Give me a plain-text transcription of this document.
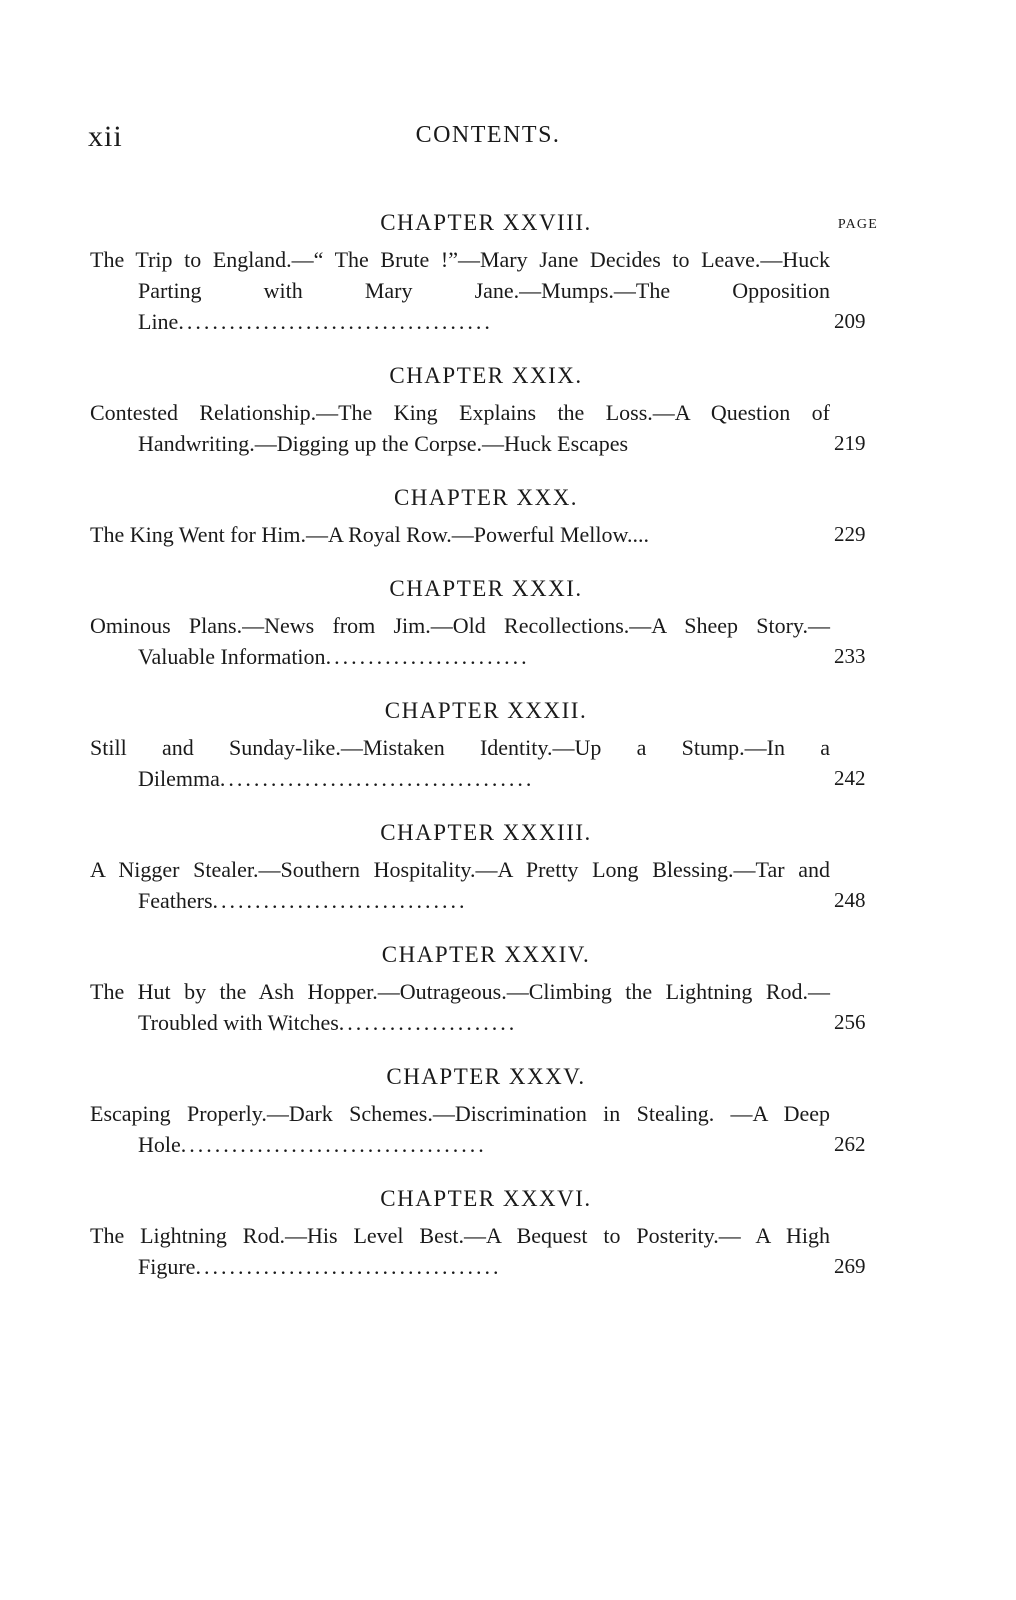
xii	CONTENTS.
CHAPTER XXVIII.	PAGE
The Trip to England.—“ The Brute !”—Mary Jane Decides to Leave.—Huck Parting with Mary Jane.—Mumps.—The Opposition Line.....................................	209
CHAPTER XXIX.
Contested Relationship.—The King Explains the Loss.—A Question of Handwriting.—Digging up the Corpse.—Huck Escapes	219
CHAPTER XXX.
The King Went for Him.—A Royal Row.—Powerful Mellow....	229
CHAPTER XXXI.
Ominous Plans.—News from Jim.—Old Recollections.—A Sheep Story.—Valuable Information........................	233
CHAPTER XXXII.
Still and Sunday-like.—Mistaken Identity.—Up a Stump.—In a Dilemma.....................................	242
CHAPTER XXXIII.
A Nigger Stealer.—Southern Hospitality.—A Pretty Long Blessing.—Tar and Feathers..............................	248
CHAPTER XXXIV.
The Hut by the Ash Hopper.—Outrageous.—Climbing the Lightning Rod.—Troubled with Witches.....................	256
CHAPTER XXXV.
Escaping Properly.—Dark Schemes.—Discrimination in Stealing. —A Deep Hole....................................	262
CHAPTER XXXVI.
The Lightning Rod.—His Level Best.—A Bequest to Posterity.— A High Figure....................................	269
